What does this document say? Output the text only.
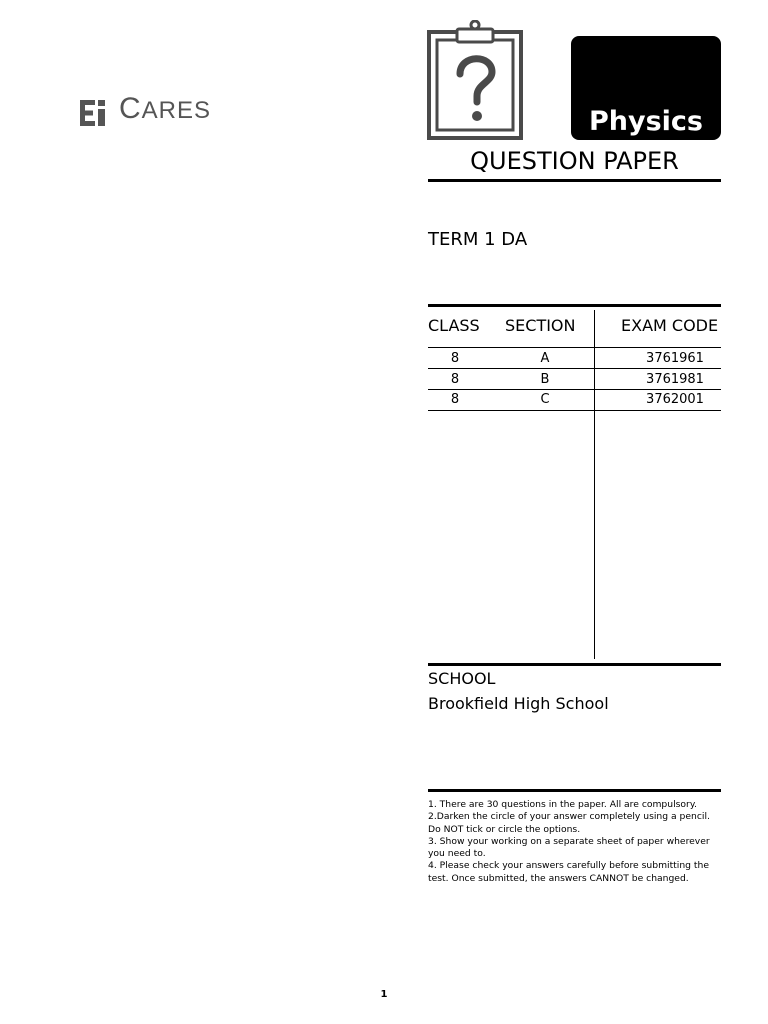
CARES	Physics
QUESTION PAPER
TERM 1 DA
CLASS SECTION	EXAM CODE
8	A	3761961
8	B	3761981
8	C	3762001
SCHOOL
Brookfield High School
1. There are 30 questions in the paper. All are compulsory.
2.Darken the circle of your answer completely using a pencil. Do NOT tick or circle the options.
3. Show your working on a separate sheet of paper wherever you need to.
4. Please check your answers carefully before submitting the test. Once submitted, the answers CANNOT be changed.
1
